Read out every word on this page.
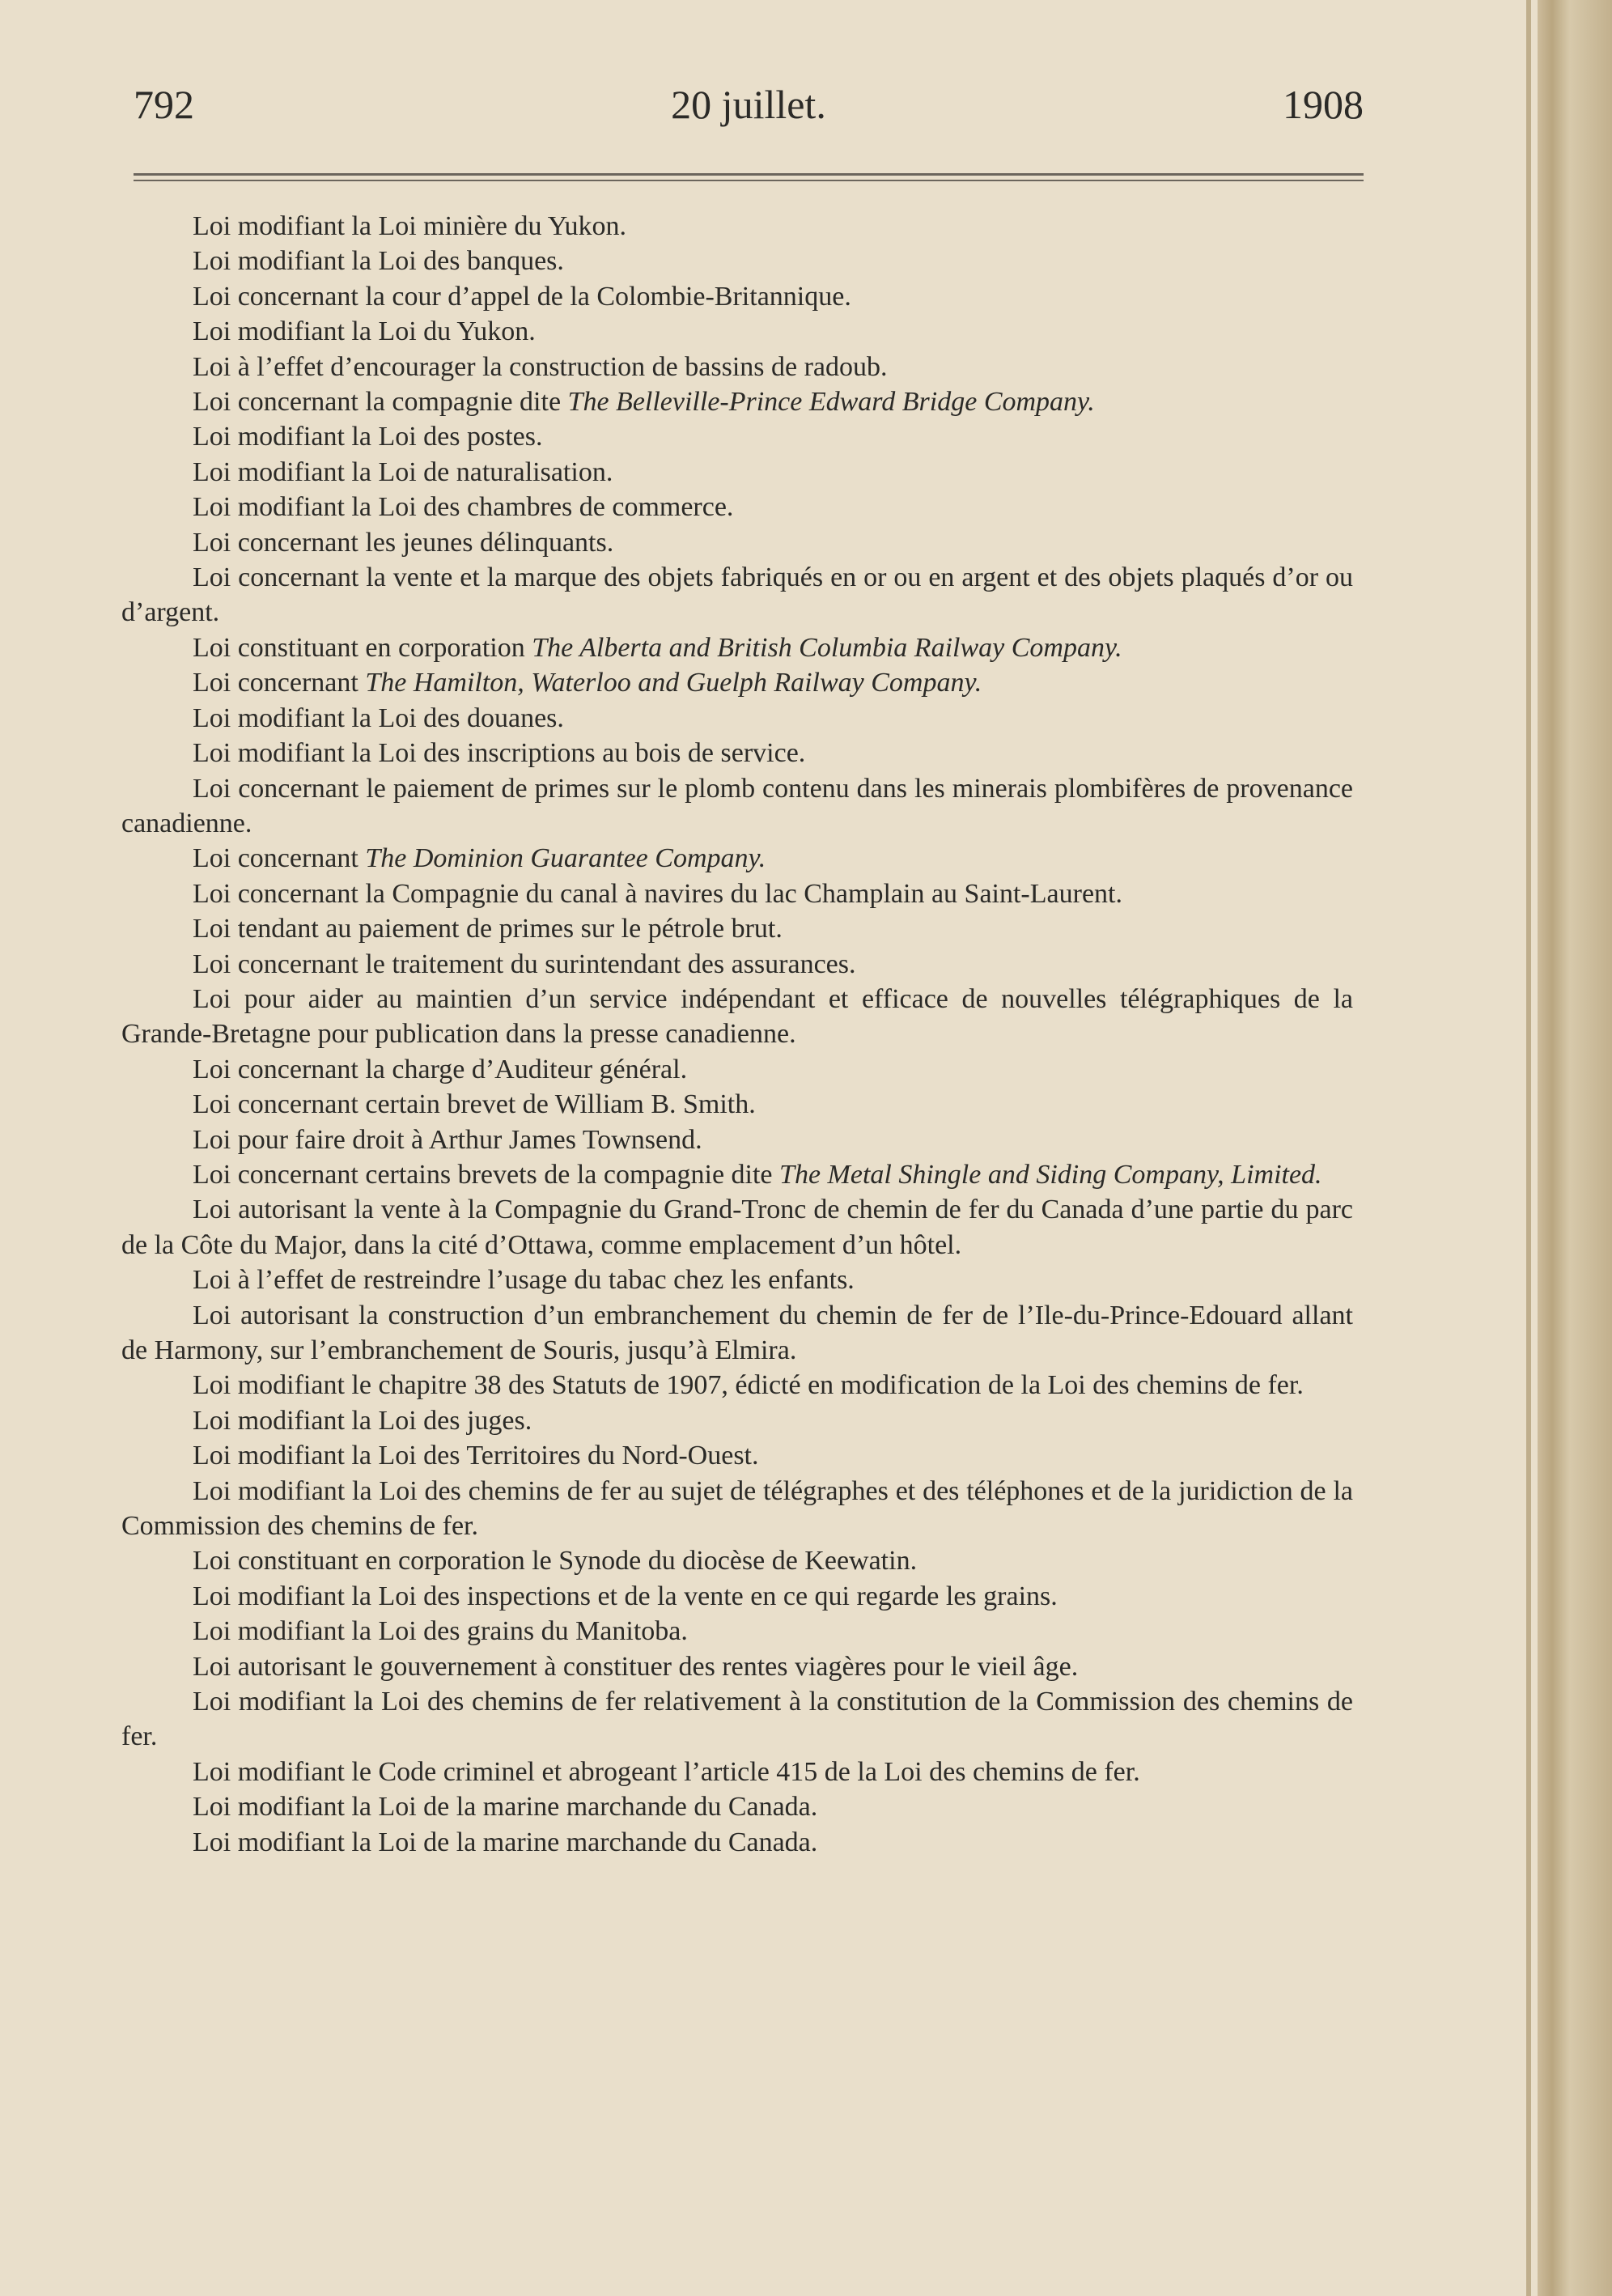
792	20 juillet.	1908

Loi modifiant la Loi minière du Yukon.

Loi modifiant la Loi des banques.

Loi concernant la cour d’appel de la Colombie-Britannique.

Loi modifiant la Loi du Yukon.

Loi à l’effet d’encourager la construction de bassins de radoub.

Loi concernant la compagnie dite The Belleville-Prince Edward Bridge Company.

Loi modifiant la Loi des postes.

Loi modifiant la Loi de naturalisation.

Loi modifiant la Loi des chambres de commerce.

Loi concernant les jeunes délinquants.

Loi concernant la vente et la marque des objets fabriqués en or ou en argent et des objets plaqués d’or ou d’argent.

Loi constituant en corporation The Alberta and British Columbia Railway Company.

Loi concernant The Hamilton, Waterloo and Guelph Railway Company.

Loi modifiant la Loi des douanes.

Loi modifiant la Loi des inscriptions au bois de service.

Loi concernant le paiement de primes sur le plomb contenu dans les minerais plombifères de provenance canadienne.

Loi concernant The Dominion Guarantee Company.

Loi concernant la Compagnie du canal à navires du lac Champlain au Saint-Laurent.

Loi tendant au paiement de primes sur le pétrole brut.

Loi concernant le traitement du surintendant des assurances.

Loi pour aider au maintien d’un service indépendant et efficace de nouvelles télégraphiques de la Grande-Bretagne pour publication dans la presse canadienne.

Loi concernant la charge d’Auditeur général.

Loi concernant certain brevet de William B. Smith.

Loi pour faire droit à Arthur James Townsend.

Loi concernant certains brevets de la compagnie dite The Metal Shingle and Siding Company, Limited.

Loi autorisant la vente à la Compagnie du Grand-Tronc de chemin de fer du Canada d’une partie du parc de la Côte du Major, dans la cité d’Ottawa, comme emplacement d’un hôtel.

Loi à l’effet de restreindre l’usage du tabac chez les enfants.

Loi autorisant la construction d’un embranchement du chemin de fer de l’Ile-du-Prince-Edouard allant de Harmony, sur l’embranchement de Souris, jusqu’à Elmira.

Loi modifiant le chapitre 38 des Statuts de 1907, édicté en modification de la Loi des chemins de fer.

Loi modifiant la Loi des juges.

Loi modifiant la Loi des Territoires du Nord-Ouest.

Loi modifiant la Loi des chemins de fer au sujet de télégraphes et des téléphones et de la juridiction de la Commission des chemins de fer.

Loi constituant en corporation le Synode du diocèse de Keewatin.

Loi modifiant la Loi des inspections et de la vente en ce qui regarde les grains.

Loi modifiant la Loi des grains du Manitoba.

Loi autorisant le gouvernement à constituer des rentes viagères pour le vieil âge.

Loi modifiant la Loi des chemins de fer relativement à la constitution de la Commission des chemins de fer.

Loi modifiant le Code criminel et abrogeant l’article 415 de la Loi des chemins de fer.

Loi modifiant la Loi de la marine marchande du Canada.

Loi modifiant la Loi de la marine marchande du Canada.
